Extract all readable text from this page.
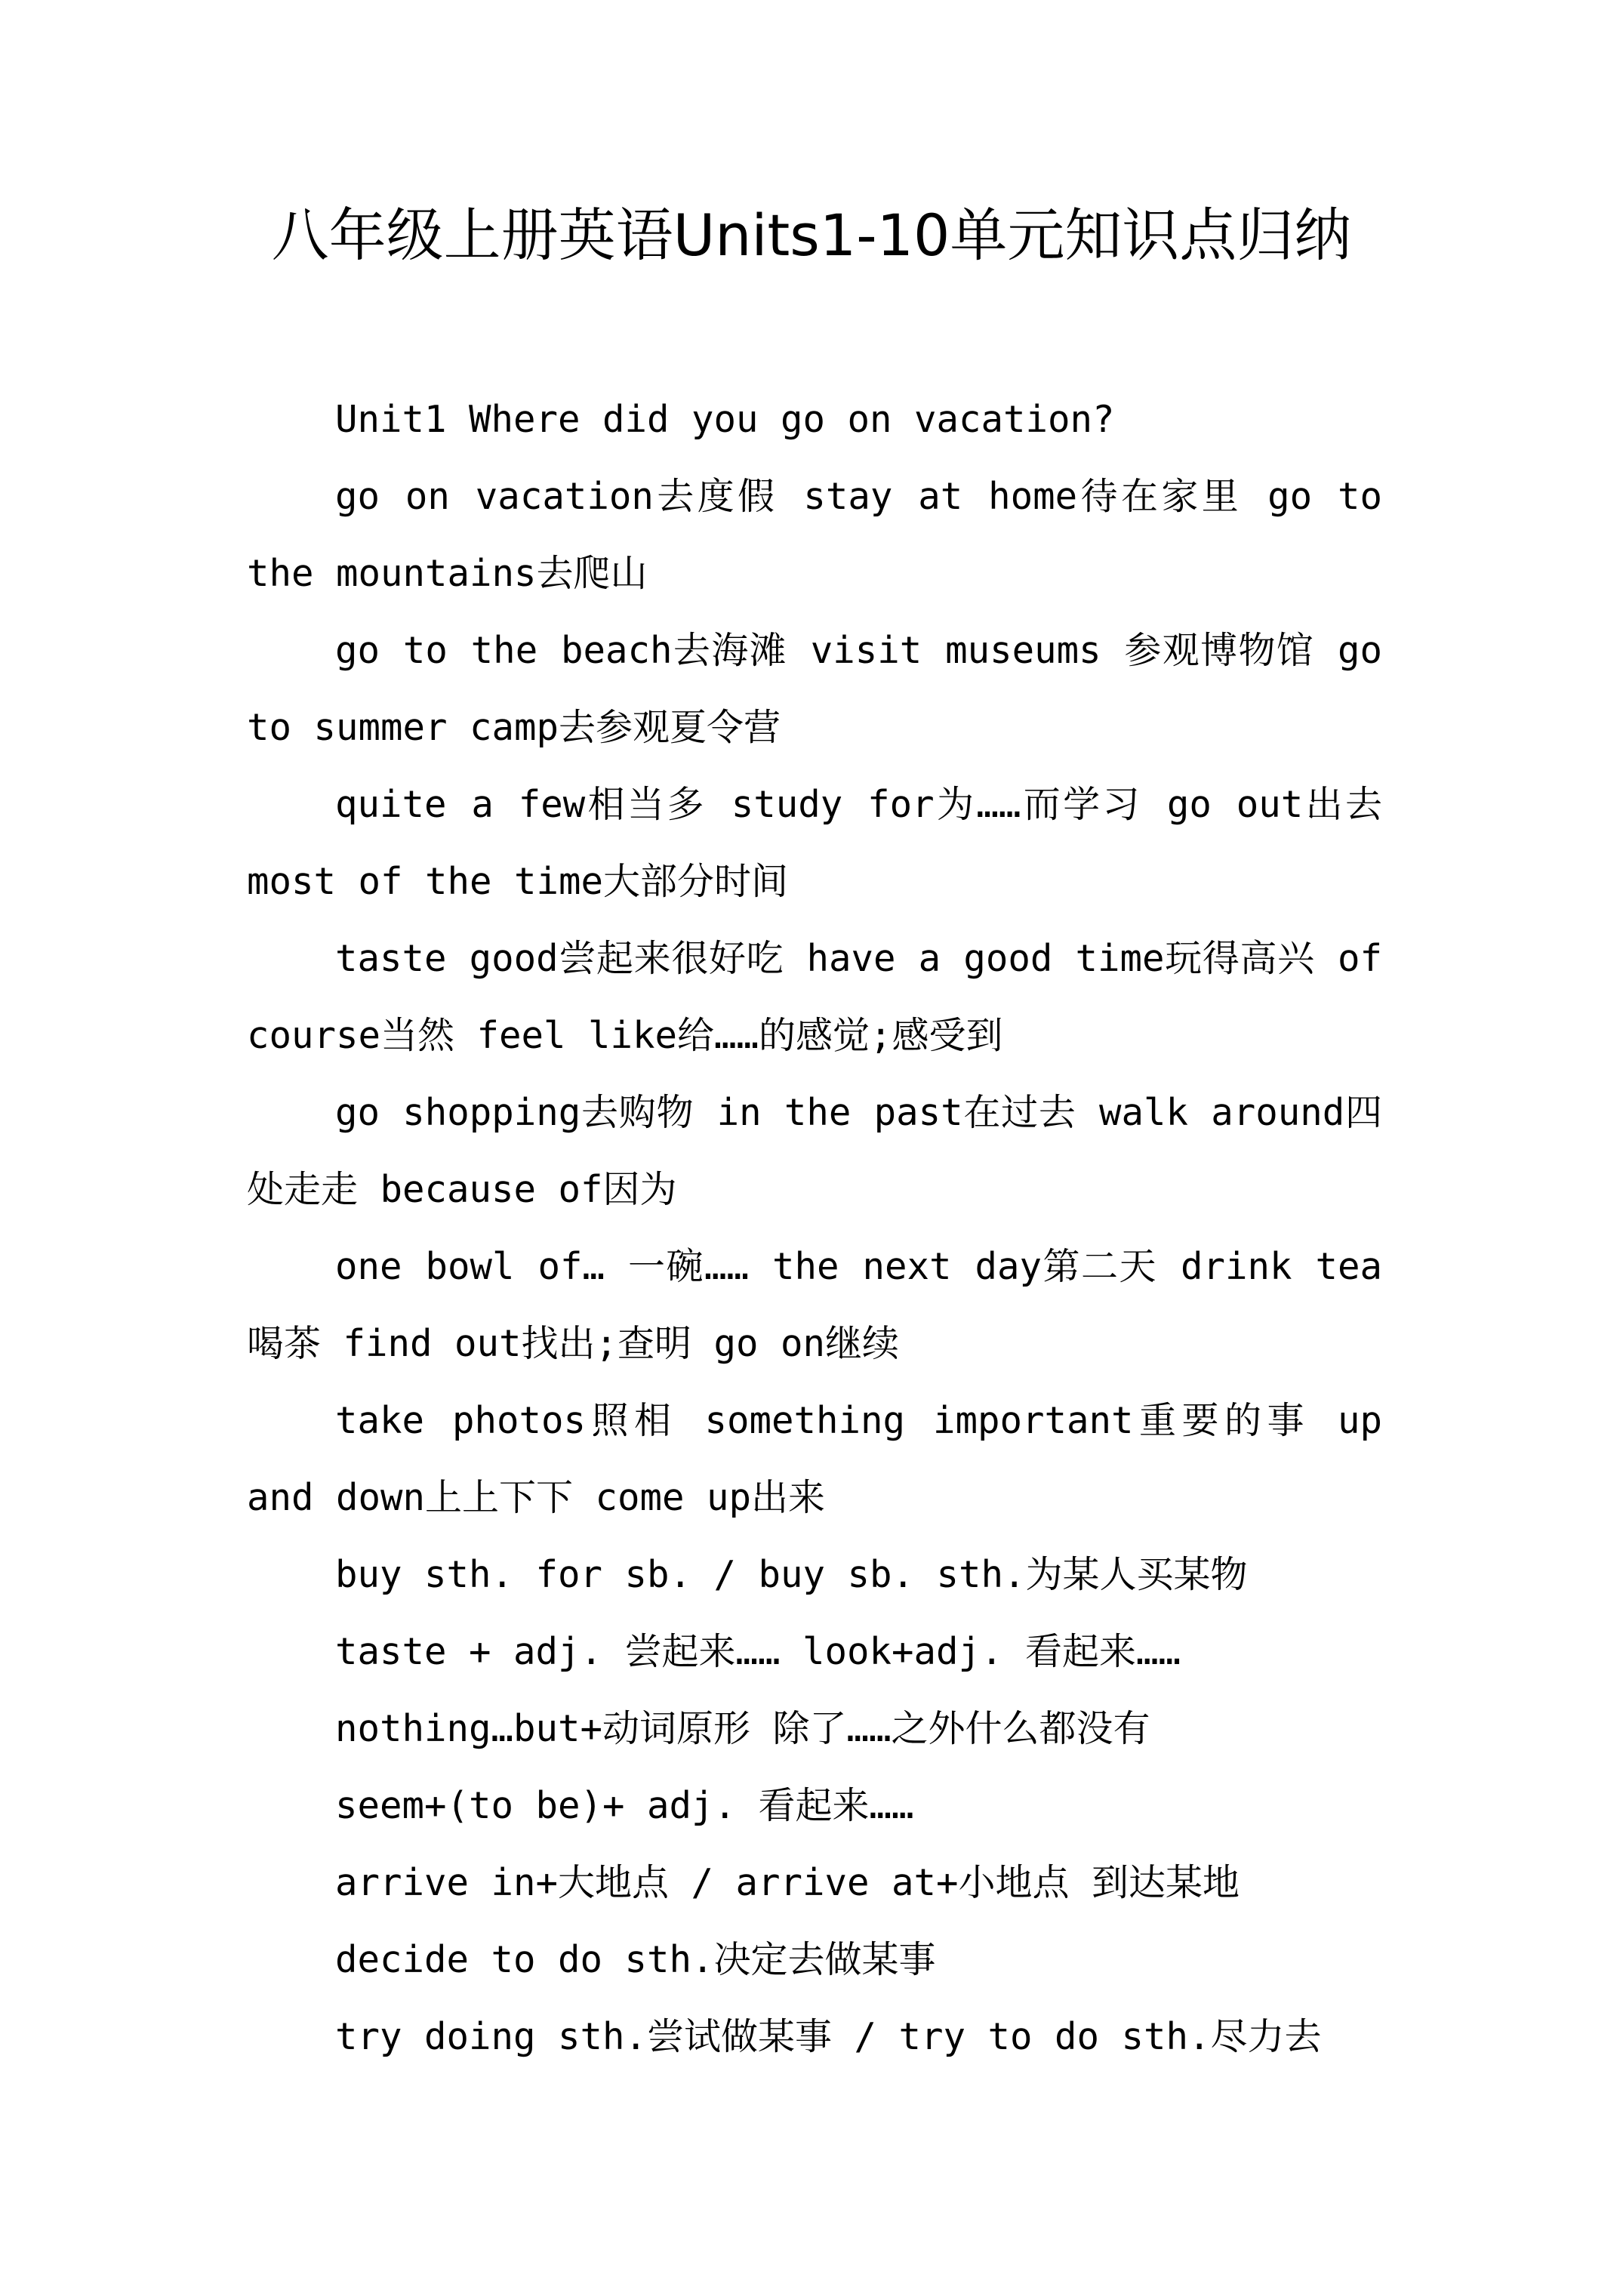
八年级上册英语Units1-10单元知识点归纳

Unit1 Where did you go on vacation?

go on vacation去度假 stay at home待在家里 go to the mountains去爬山

go to the beach去海滩 visit museums 参观博物馆 go to summer camp去参观夏令营

quite a few相当多 study for为……而学习 go out出去 most of the time大部分时间

taste good尝起来很好吃 have a good time玩得高兴 of course当然 feel like给……的感觉;感受到

go shopping去购物 in the past在过去 walk around四处走走 because of因为

one bowl of… 一碗…… the next day第二天 drink tea喝茶 find out找出;查明 go on继续

take photos照相 something important重要的事 up and down上上下下 come up出来

buy sth. for sb. / buy sb. sth.为某人买某物

taste + adj. 尝起来…… look+adj. 看起来……

nothing…but+动词原形 除了……之外什么都没有

seem+(to be)+ adj. 看起来……

arrive in+大地点 / arrive at+小地点 到达某地

decide to do sth.决定去做某事

try doing sth.尝试做某事 / try to do sth.尽力去
